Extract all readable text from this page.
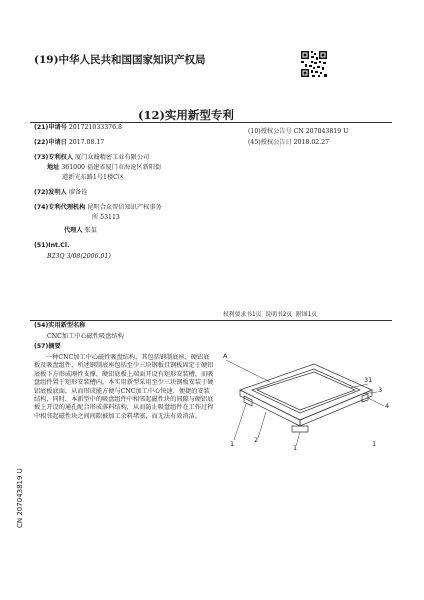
(19)中华人民共和国国家知识产权局
(12)实用新型专利
(10)授权公告号 CN 207043819 U
(45)授权公告日 2018.02.27
(21)申请号 201721033376.8
(22)申请日 2017.08.17
(73)专利权人 厦门众翰精密工业有限公司
地址 361000 福建省厦门市海沧区新阳街
道新光东路1号1楼C区
(72)发明人 廖备铨
(74)专利代理机构 昆明合众智信知识产权事务
所 53113
代理人 张玺
(51)Int.Cl.
B23Q 3/08(2006.01)
权利要求书1页 说明书2页 附图1页
(54)实用新型名称
CNC加工中心磁性吸盘结构
(57)摘要
一种CNC加工中心磁性吸盘结构，其包括钢制底座、硬铝底板及吸盘组件，所述钢制底座包括至少三块钢板且钢板固定于硬铝底板下方形成刚性支撑，硬铝底板上端面开设有矩形安装槽，而吸盘组件置于矩形安装槽内。本实用新型采用至少三块钢板安装于硬铝底板底面，从而形成能方便与CNC加工中心快速、便捷的安装结构，同时，本新型中的吸盘组件中相邻起磁性块的间隙与硬铝底板上开设的通孔配合形成落料结构，从而防止吸盘组件在工作过程中相邻起磁性块之间间隙被加工余料堵塞，而无法有效消洁。
A
31
3
4
1	2
1	1
CN 207043819 U
